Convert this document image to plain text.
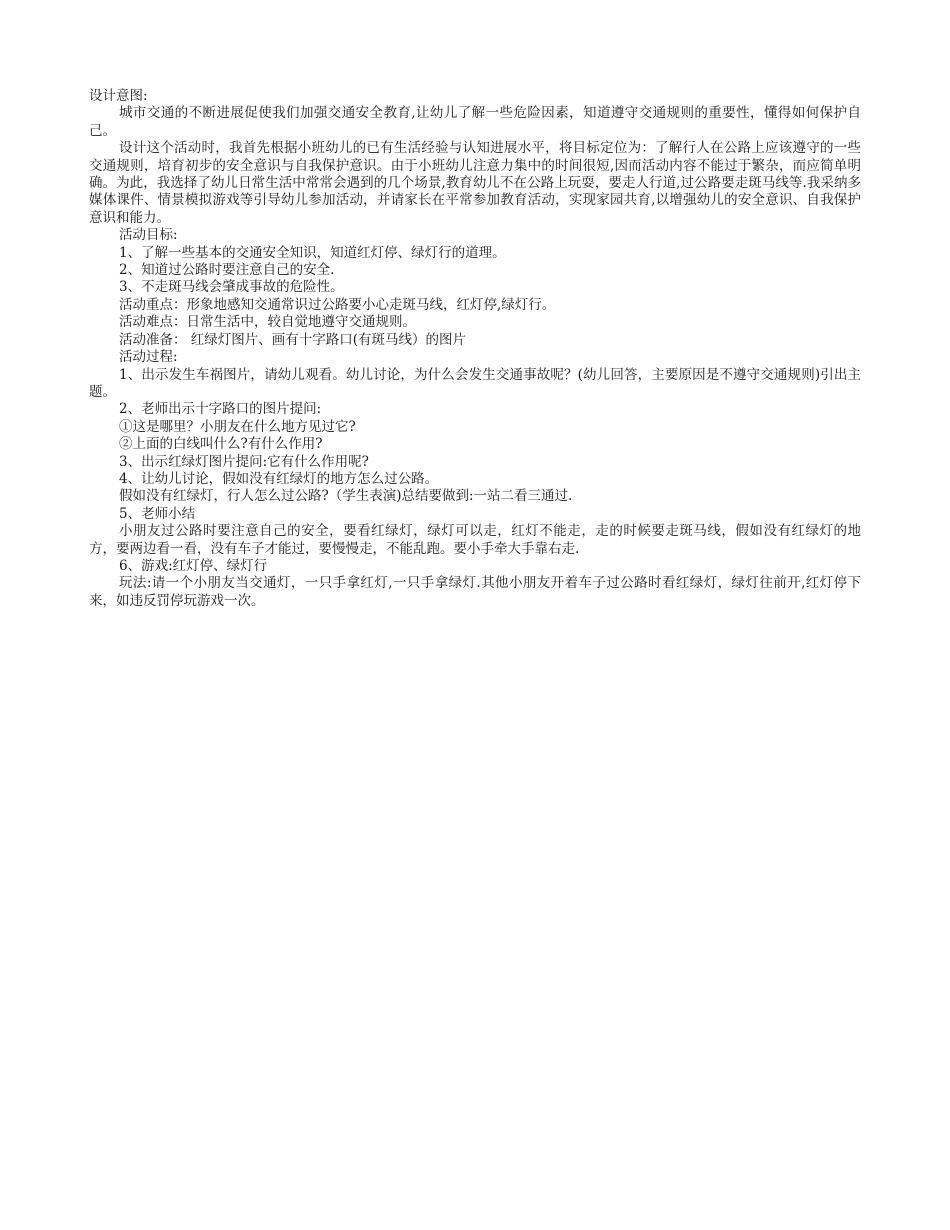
设计意图:

城市交通的不断进展促使我们加强交通安全教育,让幼儿了解一些危险因素，知道遵守交通规则的重要性，懂得如何保护自己。

设计这个活动时，我首先根据小班幼儿的已有生活经验与认知进展水平，将目标定位为：了解行人在公路上应该遵守的一些交通规则，培育初步的安全意识与自我保护意识。由于小班幼儿注意力集中的时间很短,因而活动内容不能过于繁杂，而应简单明确。为此，我选择了幼儿日常生活中常常会遇到的几个场景,教育幼儿不在公路上玩耍，要走人行道,过公路要走斑马线等.我采纳多媒体课件、情景模拟游戏等引导幼儿参加活动，并请家长在平常参加教育活动，实现家园共育,以增强幼儿的安全意识、自我保护意识和能力。

活动目标:

1、了解一些基本的交通安全知识，知道红灯停、绿灯行的道理。

2、知道过公路时要注意自己的安全.

3、不走斑马线会肇成事故的危险性。

活动重点：形象地感知交通常识过公路要小心走斑马线，红灯停,绿灯行。

活动难点：日常生活中，较自觉地遵守交通规则。

活动准备： 红绿灯图片、画有十字路口(有斑马线）的图片

活动过程:

1、出示发生车祸图片，请幼儿观看。幼儿讨论，为什么会发生交通事故呢？(幼儿回答，主要原因是不遵守交通规则)引出主题。

2、老师出示十字路口的图片提问:

①这是哪里？小朋友在什么地方见过它?

②上面的白线叫什么?有什么作用?

3、出示红绿灯图片提问:它有什么作用呢?

4、让幼儿讨论，假如没有红绿灯的地方怎么过公路。

假如没有红绿灯，行人怎么过公路?（学生表演)总结要做到:一站二看三通过.

5、老师小结

小朋友过公路时要注意自己的安全，要看红绿灯，绿灯可以走，红灯不能走，走的时候要走斑马线，假如没有红绿灯的地方，要两边看一看，没有车子才能过，要慢慢走，不能乱跑。要小手牵大手靠右走.

6、游戏:红灯停、绿灯行

玩法:请一个小朋友当交通灯，一只手拿红灯,一只手拿绿灯.其他小朋友开着车子过公路时看红绿灯，绿灯往前开,红灯停下来，如违反罚停玩游戏一次。
